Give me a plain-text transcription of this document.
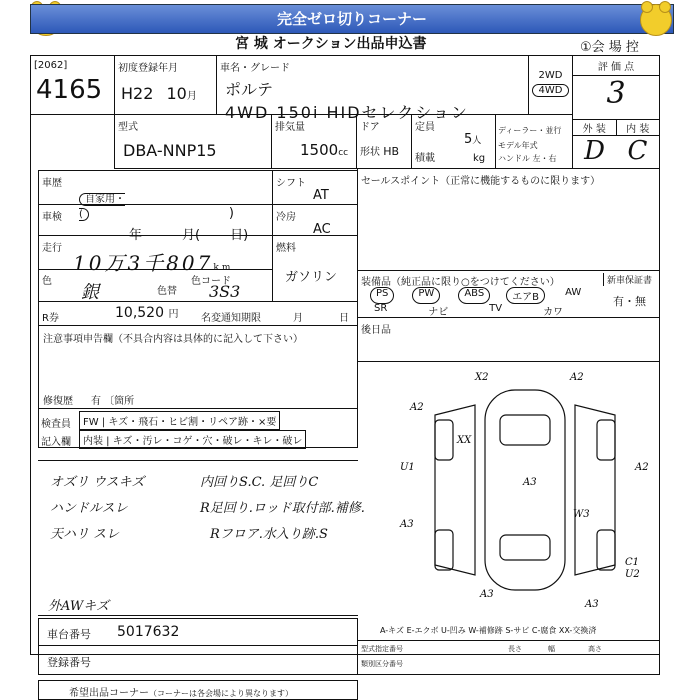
完全ゼロ切りコーナー
宮 城 オークション出品申込書	①会 場 控
[2062]
4165
初度登録年月
H22 10月
車名・グレード
ポルテ
4WD 150i HIDセレクション
2WD
4WD
評 価 点
3
型式
DBA-NNP15
排気量
1500cc
ドア
形状 HB
定員
5人
積載	kg
ディーラー・並行
モデル年式
ハンドル 左・右
外 装	内 装
D C
車歴
自家用・(	)
シフト
AT
車検
年	月( 日)
冷房
AC
走行
10万3千807km
燃料
ガソリン
色
銀	色替
色コード
3S3
R券	10,520 円 名変通知期限	月	日
セールスポイント（正常に機能するものに限ります）
装備品（純正品に限り○をつけてください）	新車保証書
有・無
PS	PW	ABS	エアB	AW
SR	ナビ	TV	カワ
後日品
注意事項申告欄（不具合内容は具体的に記入して下さい）
修復歴 有 〔箇所
検査員
記入欄
FW | キズ・飛石・ヒビ割・リペア跡・×要
内装 | キズ・汚レ・コゲ・穴・破レ・キレ・破レ
オズリ ウスキズ
ハンドルスレ
天ハリ スレ
内回りS.C. 足回りC
R足回り.ロッド取付部.補修.
Rフロア.水入り跡.S
外AWキズ
X2	A2
A2
XX
U1	A2
A3
A3
W3
A3
C1
U2
A3
A-キズ E-エクボ U-凹み W-補修跡 S-サビ C-腐食 XX-交換済
車台番号 5017632
登録番号
型式指定番号
類別区分番号
長さ	幅	高さ
希望出品コーナー（コーナーは各会場により異なります）
